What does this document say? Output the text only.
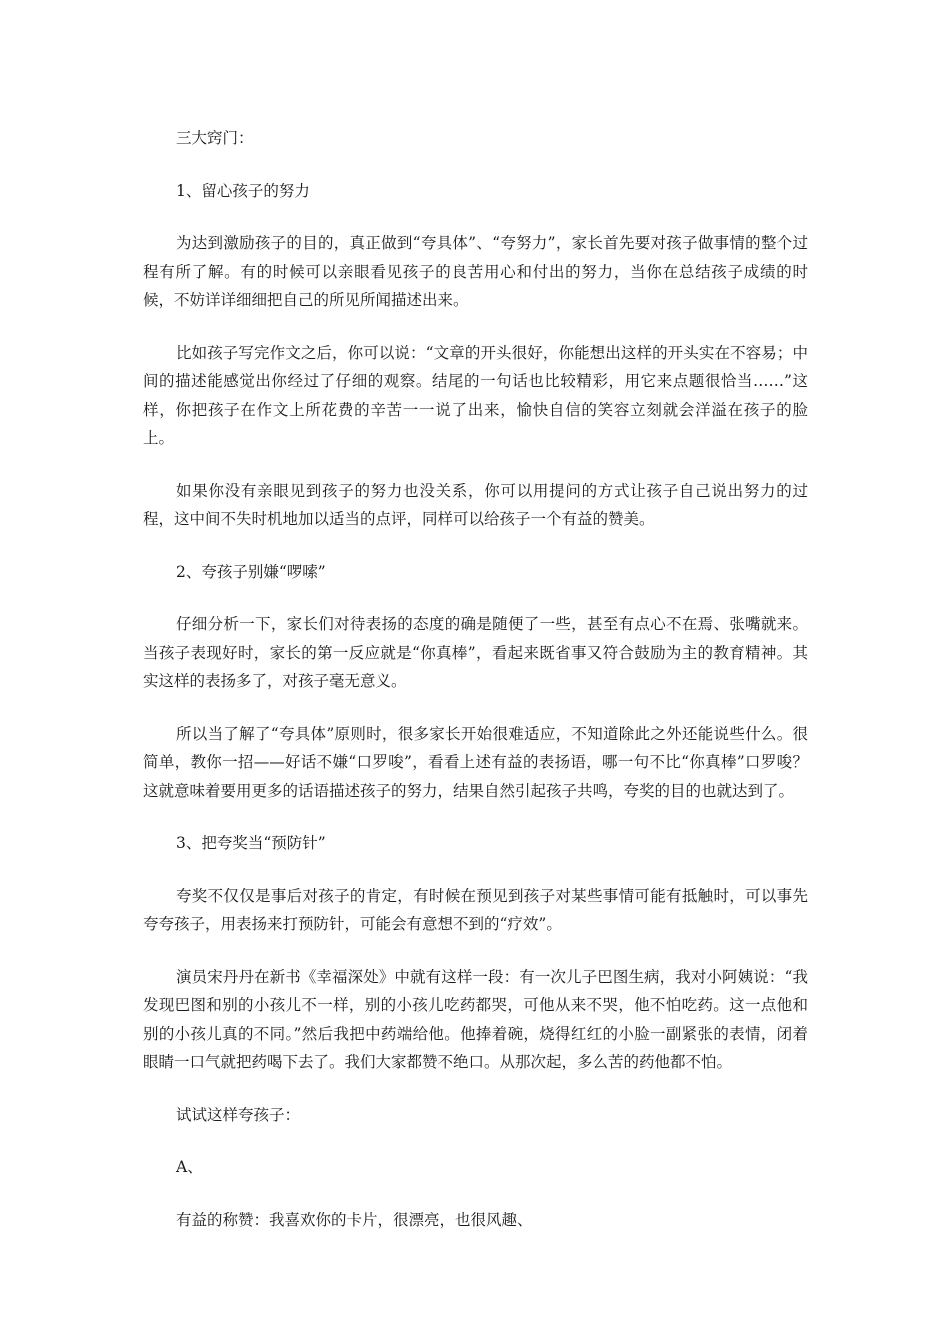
三大窍门：

1、留心孩子的努力

为达到激励孩子的目的，真正做到“夸具体”、“夸努力”，家长首先要对孩子做事情的整个过程有所了解。有的时候可以亲眼看见孩子的良苦用心和付出的努力，当你在总结孩子成绩的时候，不妨详详细细把自己的所见所闻描述出来。

比如孩子写完作文之后，你可以说：“文章的开头很好，你能想出这样的开头实在不容易；中间的描述能感觉出你经过了仔细的观察。结尾的一句话也比较精彩，用它来点题很恰当……”这样，你把孩子在作文上所花费的辛苦一一说了出来，愉快自信的笑容立刻就会洋溢在孩子的脸上。

如果你没有亲眼见到孩子的努力也没关系，你可以用提问的方式让孩子自己说出努力的过程，这中间不失时机地加以适当的点评，同样可以给孩子一个有益的赞美。

2、夸孩子别嫌“啰嗦”

仔细分析一下，家长们对待表扬的态度的确是随便了一些，甚至有点心不在焉、张嘴就来。当孩子表现好时，家长的第一反应就是“你真棒”，看起来既省事又符合鼓励为主的教育精神。其实这样的表扬多了，对孩子毫无意义。

所以当了解了“夸具体”原则时，很多家长开始很难适应，不知道除此之外还能说些什么。很简单，教你一招——好话不嫌“口罗唆”，看看上述有益的表扬语，哪一句不比“你真棒”口罗唆？这就意味着要用更多的话语描述孩子的努力，结果自然引起孩子共鸣，夸奖的目的也就达到了。

3、把夸奖当“预防针”

夸奖不仅仅是事后对孩子的肯定，有时候在预见到孩子对某些事情可能有抵触时，可以事先夸夸孩子，用表扬来打预防针，可能会有意想不到的“疗效”。

演员宋丹丹在新书《幸福深处》中就有这样一段：有一次儿子巴图生病，我对小阿姨说：“我发现巴图和别的小孩儿不一样，别的小孩儿吃药都哭，可他从来不哭，他不怕吃药。这一点他和别的小孩儿真的不同。”然后我把中药端给他。他捧着碗，烧得红红的小脸一副紧张的表情，闭着眼睛一口气就把药喝下去了。我们大家都赞不绝口。从那次起，多么苦的药他都不怕。

试试这样夸孩子：

A、

有益的称赞：我喜欢你的卡片，很漂亮，也很风趣、
